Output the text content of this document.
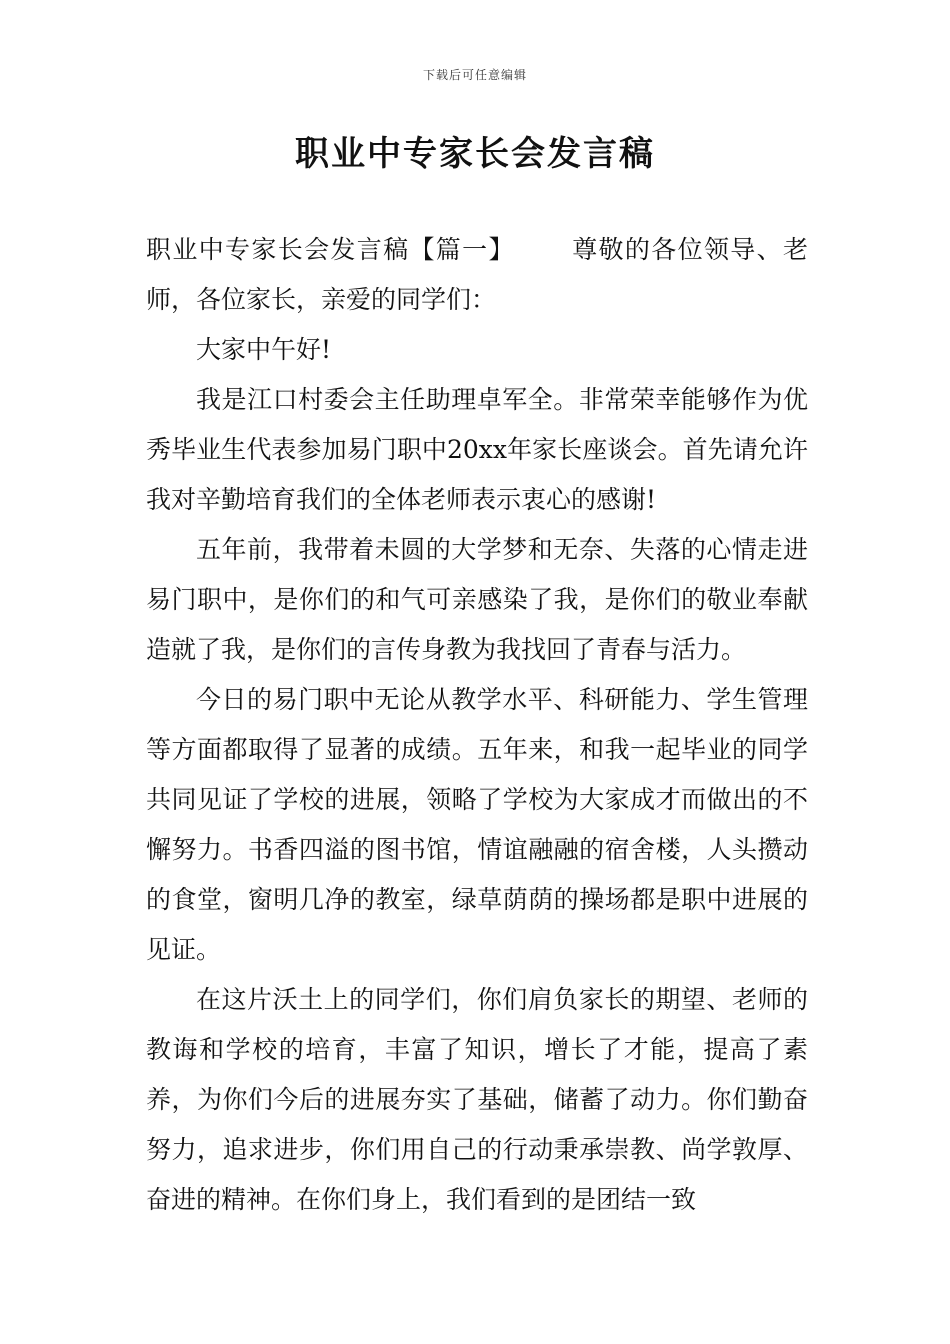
下载后可任意编辑
职业中专家长会发言稿

职业中专家长会发言稿【篇一】 尊敬的各位领导、老师，各位家长，亲爱的同学们：

大家中午好!

我是江口村委会主任助理卓军全。非常荣幸能够作为优秀毕业生代表参加易门职中20xx年家长座谈会。首先请允许我对辛勤培育我们的全体老师表示衷心的感谢!

五年前，我带着未圆的大学梦和无奈、失落的心情走进易门职中，是你们的和气可亲感染了我，是你们的敬业奉献造就了我，是你们的言传身教为我找回了青春与活力。

今日的易门职中无论从教学水平、科研能力、学生管理等方面都取得了显著的成绩。五年来，和我一起毕业的同学共同见证了学校的进展，领略了学校为大家成才而做出的不懈努力。书香四溢的图书馆，情谊融融的宿舍楼，人头攒动的食堂，窗明几净的教室，绿草荫荫的操场都是职中进展的见证。

在这片沃土上的同学们，你们肩负家长的期望、老师的教诲和学校的培育，丰富了知识，增长了才能，提高了素养，为你们今后的进展夯实了基础，储蓄了动力。你们勤奋努力，追求进步，你们用自己的行动秉承崇教、尚学敦厚、奋进的精神。在你们身上，我们看到的是团结一致
